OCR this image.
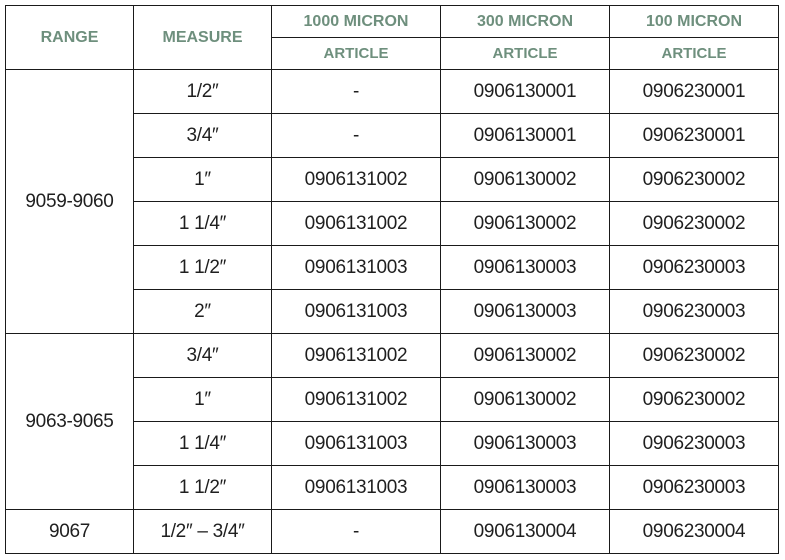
RANGE	MEASURE	1000 MICRON	300 MICRON	100 MICRON
		ARTICLE	ARTICLE	ARTICLE
9059-9060	1/2″	-	0906130001	0906230001
	3/4″	-	0906130001	0906230001
	1″	0906131002	0906130002	0906230002
	1 1/4″	0906131002	0906130002	0906230002
	1 1/2″	0906131003	0906130003	0906230003
	2″	0906131003	0906130003	0906230003
9063-9065	3/4″	0906131002	0906130002	0906230002
	1″	0906131002	0906130002	0906230002
	1 1/4″	0906131003	0906130003	0906230003
	1 1/2″	0906131003	0906130003	0906230003
9067	1/2″ – 3/4″	-	0906130004	0906230004
